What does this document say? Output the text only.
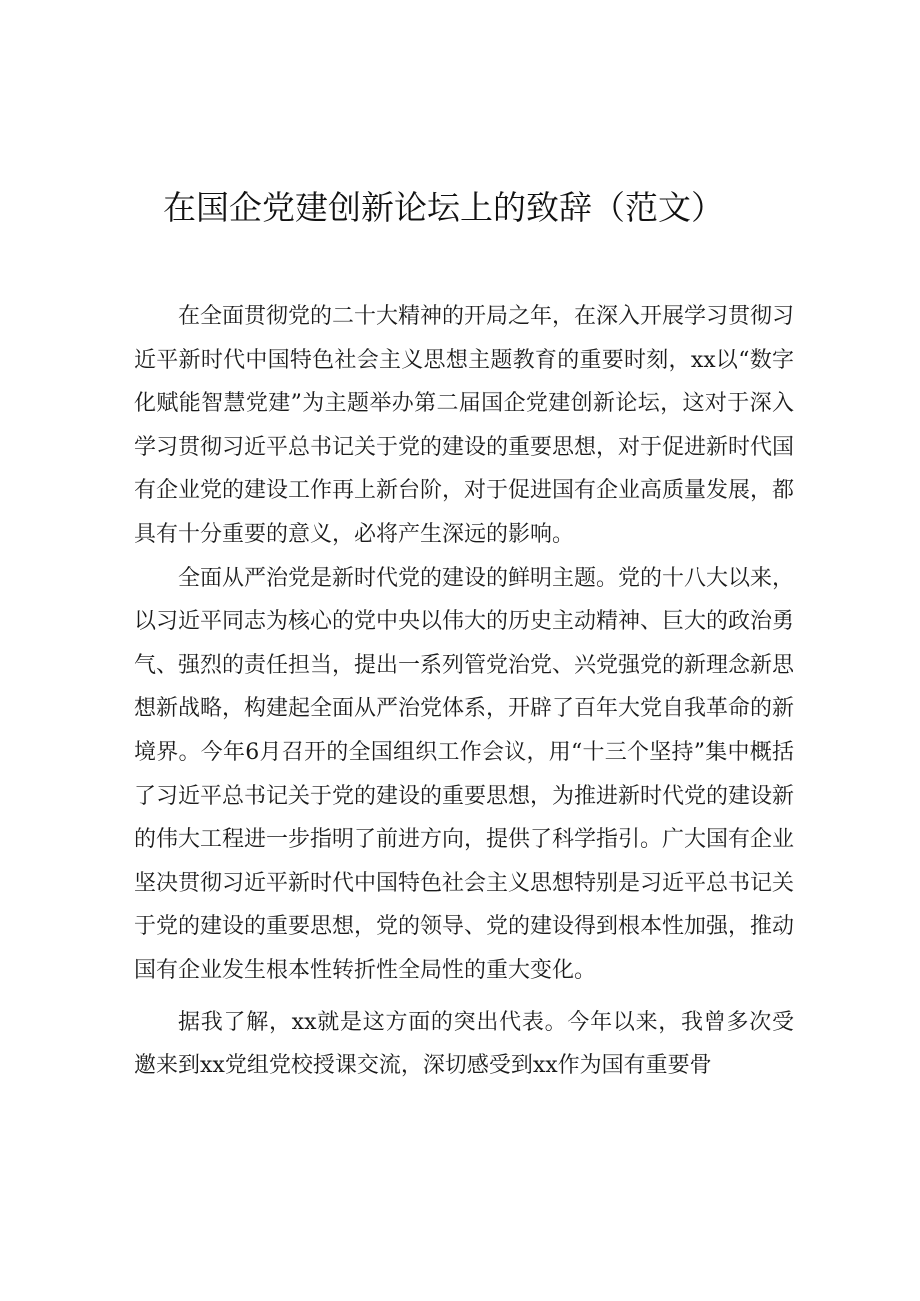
在国企党建创新论坛上的致辞（范文）

在全面贯彻党的二十大精神的开局之年，在深入开展学习贯彻习近平新时代中国特色社会主义思想主题教育的重要时刻，xx以“数字化赋能智慧党建”为主题举办第二届国企党建创新论坛，这对于深入学习贯彻习近平总书记关于党的建设的重要思想，对于促进新时代国有企业党的建设工作再上新台阶，对于促进国有企业高质量发展，都具有十分重要的意义，必将产生深远的影响。

全面从严治党是新时代党的建设的鲜明主题。党的十八大以来，以习近平同志为核心的党中央以伟大的历史主动精神、巨大的政治勇气、强烈的责任担当，提出一系列管党治党、兴党强党的新理念新思想新战略，构建起全面从严治党体系，开辟了百年大党自我革命的新境界。今年6月召开的全国组织工作会议，用“十三个坚持”集中概括了习近平总书记关于党的建设的重要思想，为推进新时代党的建设新的伟大工程进一步指明了前进方向，提供了科学指引。广大国有企业坚决贯彻习近平新时代中国特色社会主义思想特别是习近平总书记关于党的建设的重要思想，党的领导、党的建设得到根本性加强，推动国有企业发生根本性转折性全局性的重大变化。

据我了解，xx就是这方面的突出代表。今年以来，我曾多次受邀来到xx党组党校授课交流，深切感受到xx作为国有重要骨
